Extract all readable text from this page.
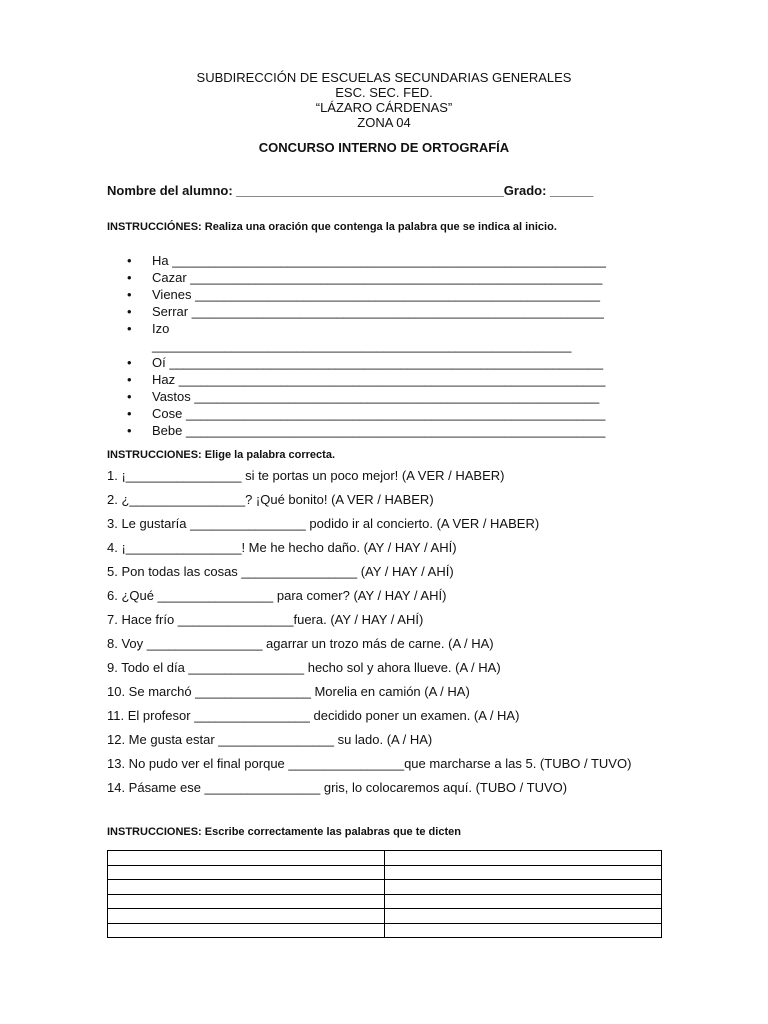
SUBDIRECCIÓN DE ESCUELAS SECUNDARIAS GENERALES
ESC. SEC. FED.
“LÁZARO CÁRDENAS”
ZONA 04
CONCURSO INTERNO DE ORTOGRAFÍA
Nombre del alumno: _____________________________________Grado: ______
INSTRUCCIÓNES: Realiza una oración que contenga la palabra que se indica al inicio.
• Ha ____________________________________________________________
• Cazar _________________________________________________________
• Vienes ________________________________________________________
• Serrar _________________________________________________________
• Izo
__________________________________________________________
• Oí ____________________________________________________________
• Haz ___________________________________________________________
• Vastos ________________________________________________________
• Cose __________________________________________________________
• Bebe __________________________________________________________
INSTRUCCIONES: Elige la palabra correcta.
1. ¡________________ si te portas un poco mejor! (A VER / HABER)
2. ¿________________? ¡Qué bonito! (A VER / HABER)
3. Le gustaría ________________ podido ir al concierto. (A VER / HABER)
4. ¡________________! Me he hecho daño. (AY / HAY / AHÍ)
5. Pon todas las cosas ________________ (AY / HAY / AHÍ)
6. ¿Qué ________________ para comer? (AY / HAY / AHÍ)
7. Hace frío ________________fuera. (AY / HAY / AHÍ)
8. Voy ________________ agarrar un trozo más de carne. (A / HA)
9. Todo el día ________________ hecho sol y ahora llueve. (A / HA)
10. Se marchó ________________ Morelia en camión (A / HA)
11. El profesor ________________ decidido poner un examen. (A / HA)
12. Me gusta estar ________________ su lado. (A / HA)
13. No pudo ver el final porque ________________que marcharse a las 5. (TUBO / TUVO)
14. Pásame ese ________________ gris, lo colocaremos aquí. (TUBO / TUVO)
INSTRUCCIONES: Escribe correctamente las palabras que te dicten
